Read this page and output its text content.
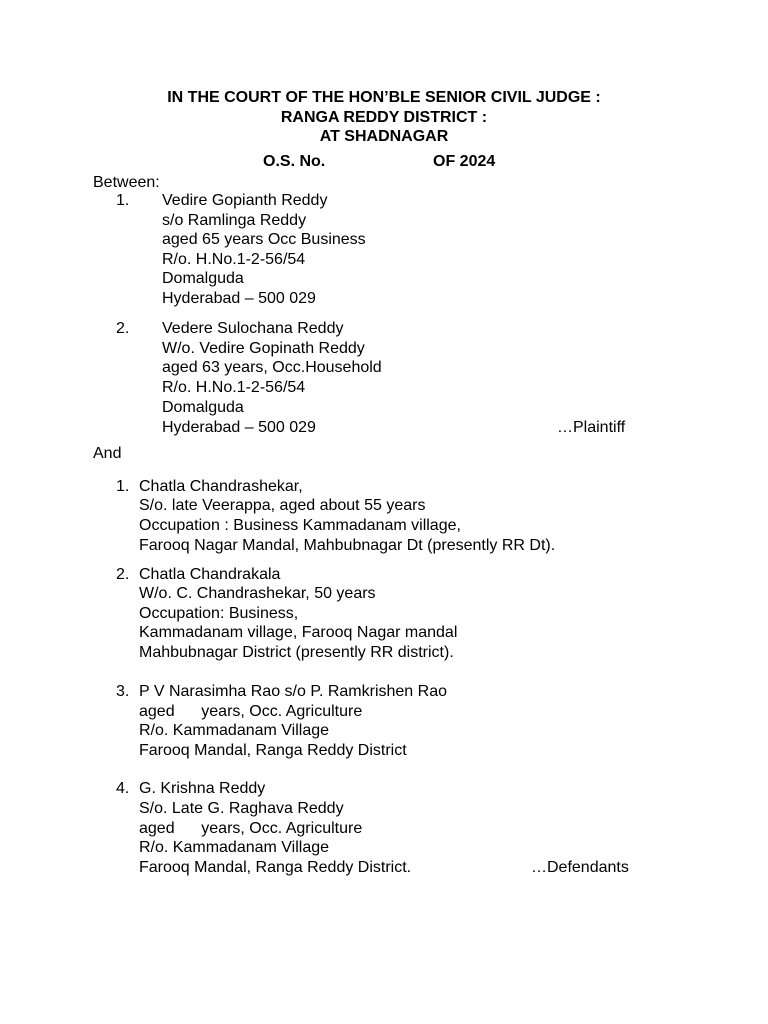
IN THE COURT OF THE HON’BLE SENIOR CIVIL JUDGE :
RANGA REDDY DISTRICT :
AT SHADNAGAR
O.S. No.	OF 2024
Between:
1. Vedire Gopianth Reddy
s/o Ramlinga Reddy
aged 65 years Occ Business
R/o. H.No.1-2-56/54
Domalguda
Hyderabad – 500 029
2. Vedere Sulochana Reddy
W/o. Vedire Gopinath Reddy
aged 63 years, Occ.Household
R/o. H.No.1-2-56/54
Domalguda
Hyderabad – 500 029	…Plaintiff
And
1. Chatla Chandrashekar,
S/o. late Veerappa, aged about 55 years
Occupation : Business Kammadanam village,
Farooq Nagar Mandal, Mahbubnagar Dt (presently RR Dt).
2. Chatla Chandrakala
W/o. C. Chandrashekar, 50 years
Occupation: Business,
Kammadanam village, Farooq Nagar mandal
Mahbubnagar District (presently RR district).
3. P V Narasimha Rao s/o P. Ramkrishen Rao
aged      years, Occ. Agriculture
R/o. Kammadanam Village
Farooq Mandal, Ranga Reddy District
4. G. Krishna Reddy
S/o. Late G. Raghava Reddy
aged      years, Occ. Agriculture
R/o. Kammadanam Village
Farooq Mandal, Ranga Reddy District.	…Defendants
